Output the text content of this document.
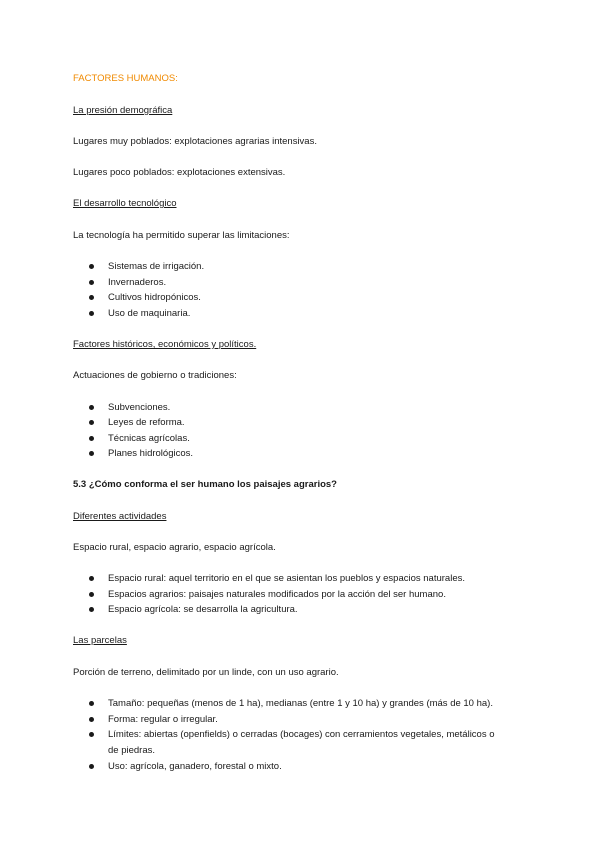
FACTORES HUMANOS:
La presión demográfica
Lugares muy poblados: explotaciones agrarias intensivas.
Lugares poco poblados: explotaciones extensivas.
El desarrollo tecnológico
La tecnología ha permitido superar las limitaciones:
Sistemas de irrigación.
Invernaderos.
Cultivos hidropónicos.
Uso de maquinaria.
Factores históricos, económicos y políticos.
Actuaciones de gobierno o tradiciones:
Subvenciones.
Leyes de reforma.
Técnicas agrícolas.
Planes hidrológicos.
5.3 ¿Cómo conforma el ser humano los paisajes agrarios?
Diferentes actividades
Espacio rural, espacio agrario, espacio agrícola.
Espacio rural: aquel territorio en el que se asientan los pueblos y espacios naturales.
Espacios agrarios: paisajes naturales modificados por la acción del ser humano.
Espacio agrícola: se desarrolla la agricultura.
Las parcelas
Porción de terreno, delimitado por un linde, con un uso agrario.
Tamaño: pequeñas (menos de 1 ha), medianas (entre 1 y 10 ha) y grandes (más de 10 ha).
Forma: regular o irregular.
Límites: abiertas (openfields) o cerradas (bocages) con cerramientos vegetales, metálicos o
de piedras.
Uso: agrícola, ganadero, forestal o mixto.
